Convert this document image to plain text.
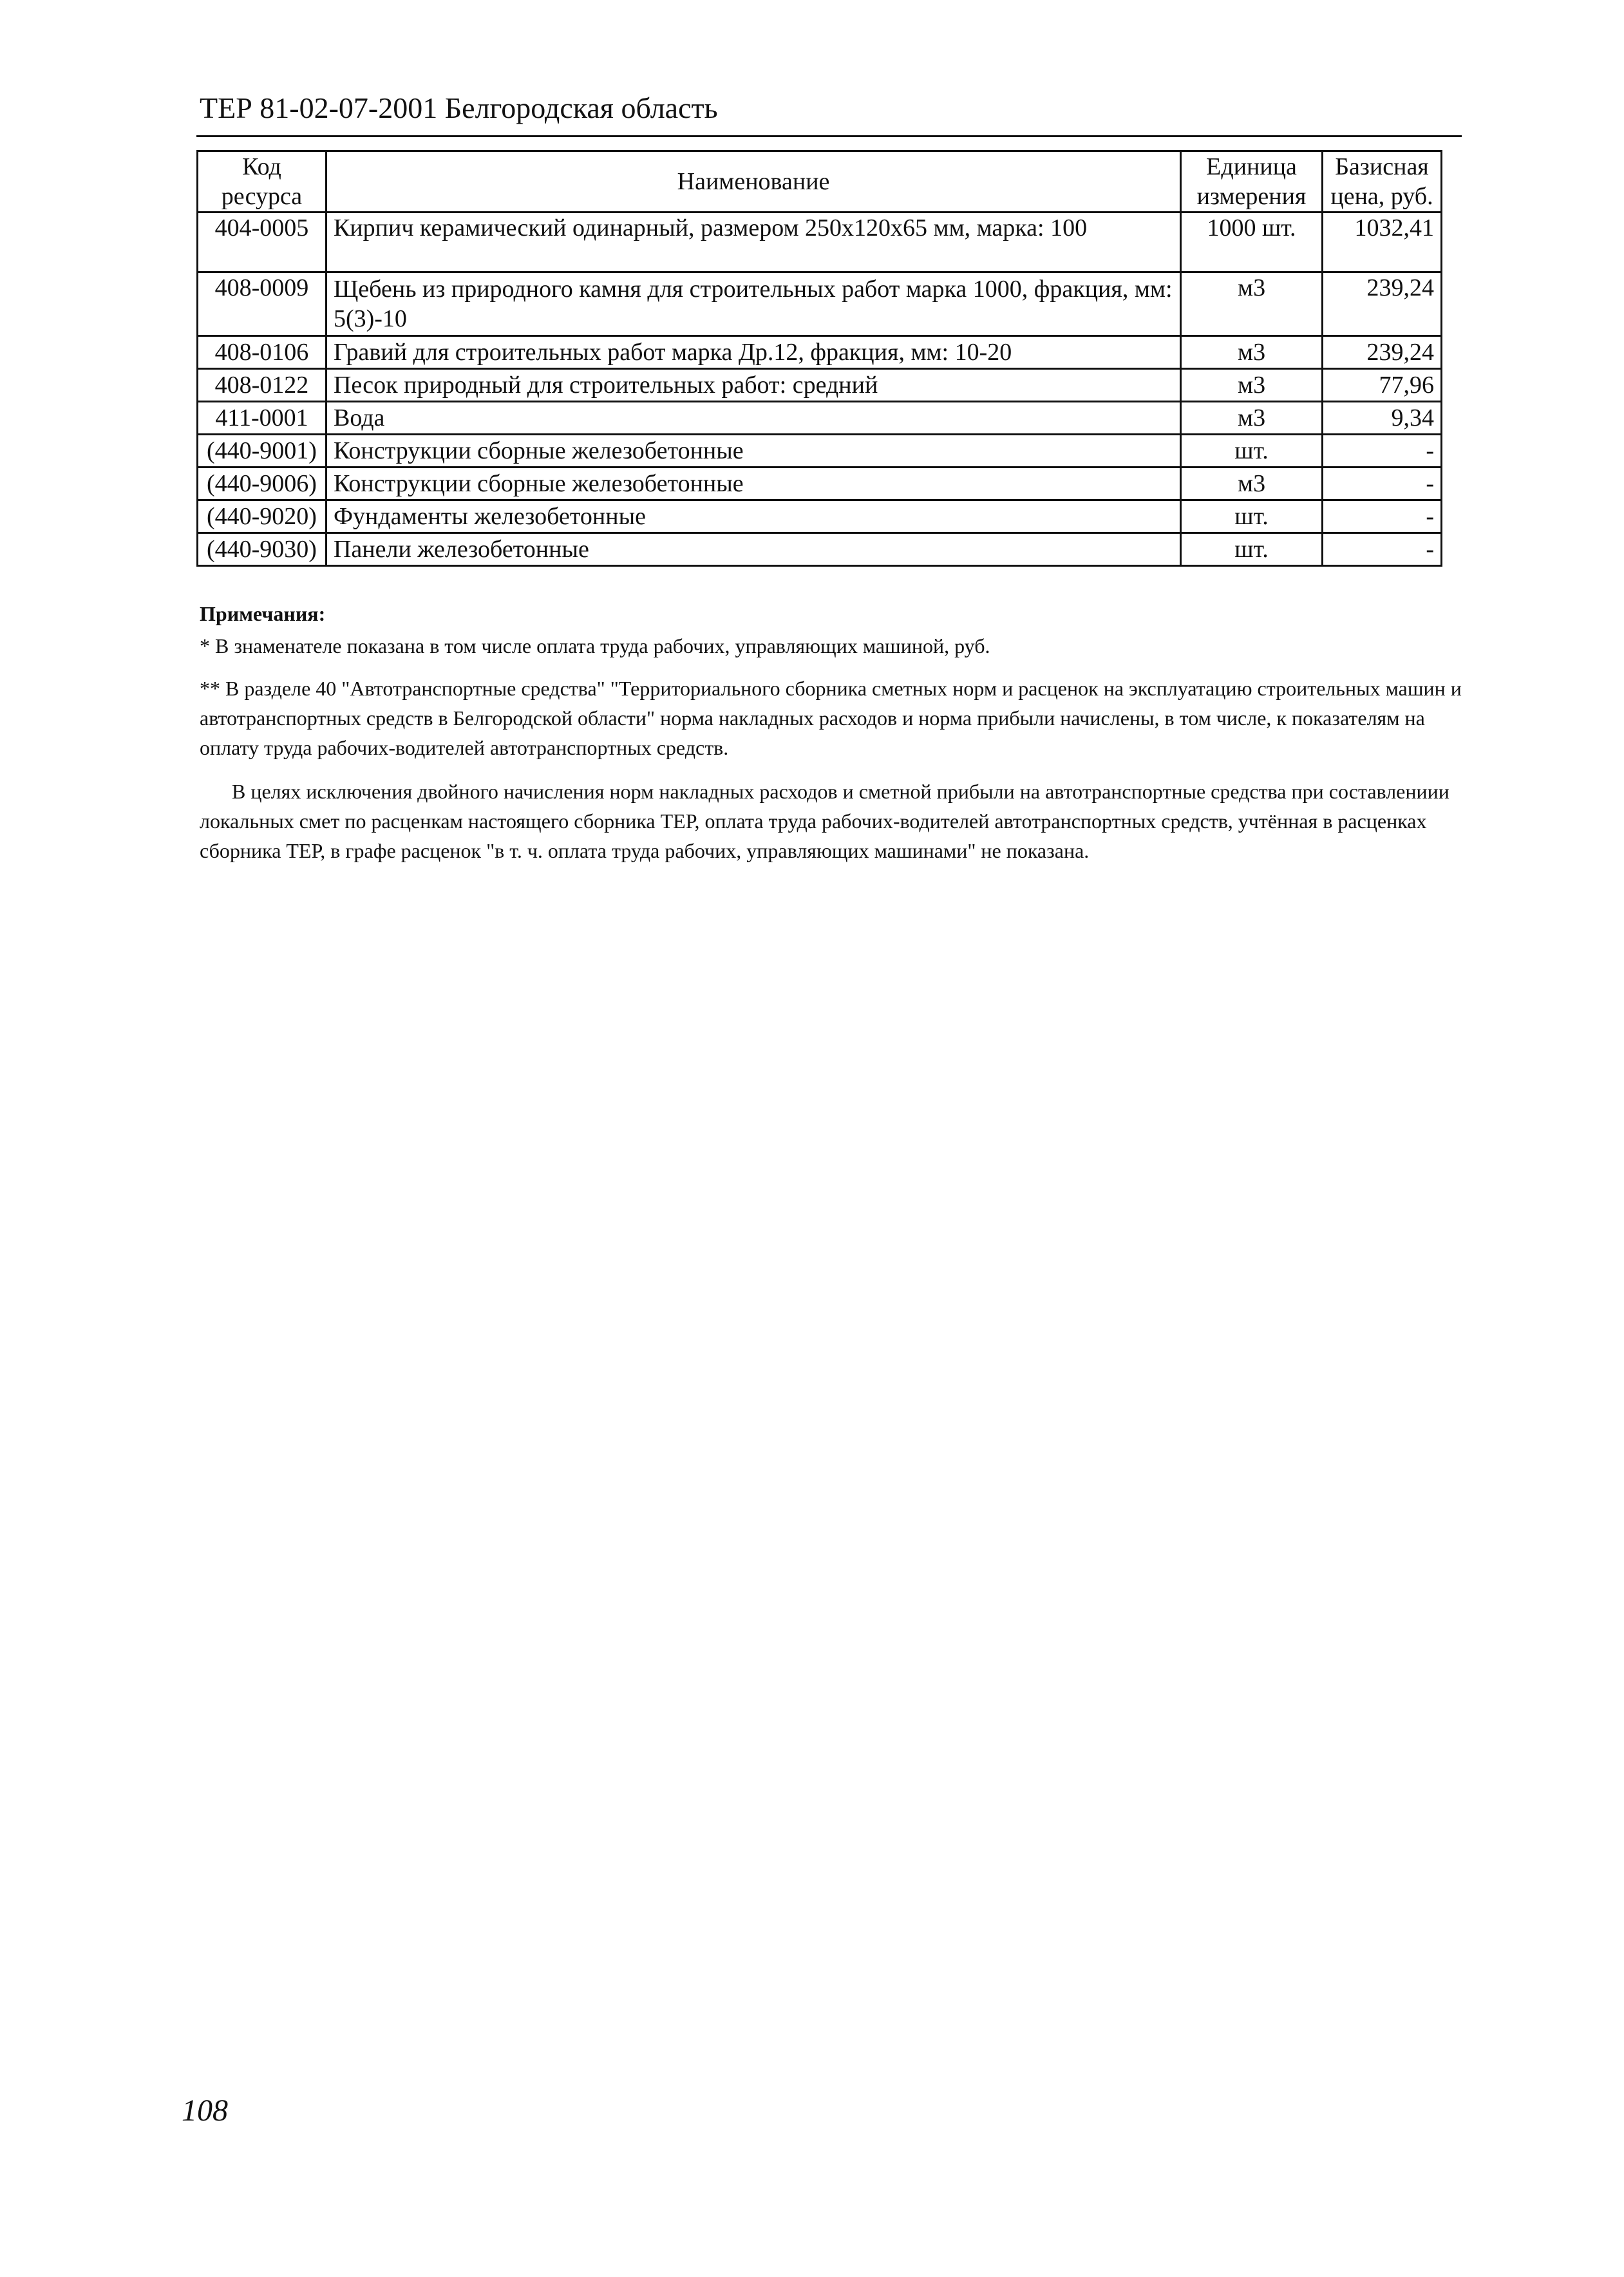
ТЕР 81-02-07-2001 Белгородская область
Код ресурса	Наименование	Единица измерения	Базисная цена, руб.
404-0005	Кирпич керамический одинарный, размером 250х120х65 мм, марка: 100	1000 шт.	1032,41
408-0009	Щебень из природного камня для строительных работ марка 1000, фракция, мм: 5(3)-10	м3	239,24
408-0106	Гравий для строительных работ марка Др.12, фракция, мм: 10-20	м3	239,24
408-0122	Песок природный для строительных работ: средний	м3	77,96
411-0001	Вода	м3	9,34
(440-9001)	Конструкции сборные железобетонные	шт.	-
(440-9006)	Конструкции сборные железобетонные	м3	-
(440-9020)	Фундаменты железобетонные	шт.	-
(440-9030)	Панели железобетонные	шт.	-
Примечания:

* В знаменателе показана в том числе оплата труда рабочих, управляющих машиной, руб.

** В разделе 40 "Автотранспортные средства" "Территориального сборника сметных норм и расценок на эксплуатацию строительных машин и автотранспортных средств в Белгородской области" норма накладных расходов и норма прибыли начислены, в том числе, к показателям на оплату труда рабочих-водителей автотранспортных средств.

В целях исключения двойного начисления норм накладных расходов и сметной прибыли на автотранспортные средства при составлениии локальных смет по расценкам настоящего сборника ТЕР, оплата труда рабочих-водителей автотранспортных средств, учтённая в расценках сборника ТЕР, в графе расценок "в т. ч. оплата труда рабочих, управляющих машинами" не показана.

108
